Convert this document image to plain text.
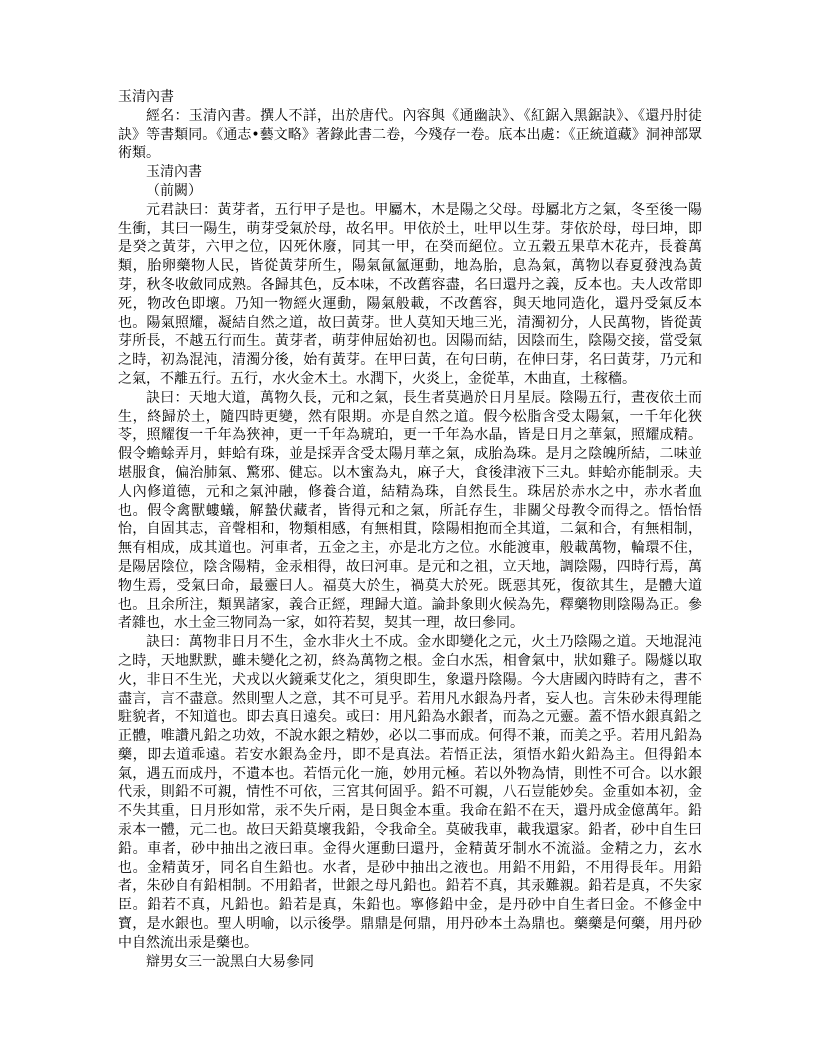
玉清內書

經名：玉清內書。撰人不詳，出於唐代。內容與《通幽訣》、《紅鋸入黑鋸訣》、《還丹肘徒訣》等書類同。《通志•藝文略》著錄此書二卷，今殘存一卷。底本出處：《正統道藏》洞神部眾術類。

玉清內書

（前闕）

元君訣曰：黃芽者，五行甲子是也。甲屬木，木是陽之父母。母屬北方之氣，冬至後一陽生衝，其曰一陽生，萌芽受氣於母，故名甲。甲依於土，吐甲以生芽。芽依於母，母曰坤，即是癸之黃芽，六甲之位，囚死休廢，同其一甲，在癸而絕位。立五穀五果草木花卉，長養萬類，胎卵藥物人民，皆從黃芽所生，陽氣氤氳運動，地為胎，息為氣，萬物以春夏發洩為黃芽，秋冬收斂同成熟。各歸其色，反本味，不改舊容盡，名曰還丹之義，反本也。夫人改常即死，物改色即壞。乃知一物經火運動，陽氣般載，不改舊容，與天地同造化，還丹受氣反本也。陽氣照耀，凝結自然之道，故曰黃芽。世人莫知天地三光，清濁初分，人民萬物，皆從黃芽所長，不越五行而生。黃芽者，萌芽伸屈始初也。因陽而結，因陰而生，陰陽交接，當受氣之時，初為混沌，清濁分後，始有黃芽。在甲曰黃，在句曰萌，在伸曰芽，名曰黃芽，乃元和之氣，不離五行。五行，水火金木土。水潤下，火炎上，金從革，木曲直，土稼穡。

訣曰：天地大道，萬物久長，元和之氣，長生者莫過於日月星辰。陰陽五行，晝夜依土而生，終歸於土，隨四時更變，然有限期。亦是自然之道。假今松脂含受太陽氣，一千年化狹苓，照耀復一千年為狹神，更一千年為琥珀，更一千年為水晶，皆是日月之華氣，照耀成精。假令蟾蜍弄月，蚌蛤有珠，並是採弄含受太陽月華之氣，成胎為珠。是月之陰魄所結，二味並堪服食，偏治肺氣、驚邪、健忘。以木蜜為丸，麻子大，食後津液下三丸。蚌蛤亦能制汞。夫人內修道德，元和之氣沖融，修養合道，結精為珠，自然長生。珠居於赤水之中，赤水者血也。假令禽獸螻蟻，解蟄伏藏者，皆得元和之氣，所託存生，非關父母教令而得之。悟怡悟怡，自固其志，音聲相和，物類相感，有無相貫，陰陽相抱而全其道，二氣和合，有無相制，無有相成，成其道也。河車者，五金之主，亦是北方之位。水能渡車，般載萬物，輪環不住，是陽居陰位，陰含陽精，金汞相得，故曰河車。是元和之祖，立天地，調陰陽，四時行焉，萬物生焉，受氣曰命，最靈曰人。福莫大於生，禍莫大於死。既惡其死，復欲其生，是體大道也。且余所注，類異諸家，義合正經，理歸大道。論卦象則火候為先，釋藥物則陰陽為正。參者雜也，水土金三物同為一家，如符若契，契其一理，故曰參同。

訣曰：萬物非日月不生，金水非火土不成。金水即變化之元，火土乃陰陽之道。天地混沌之時，天地默默，雖未變化之初，終為萬物之根。金白水炁，相會氣中，狀如雞子。陽燧以取火，非日不生光，犬戎以火鏡乘艾化之，須臾即生，象還丹陰陽。今大唐國內時時有之，書不盡言，言不盡意。然則聖人之意，其不可見乎。若用凡水銀為丹者，妄人也。言朱砂未得理能駐貌者，不知道也。即去真日遠矣。或曰：用凡鉛為水銀者，而為之元靈。蓋不悟水銀真鉛之正體，唯讚凡鉛之功效，不說水銀之精妙，必以二事而成。何得不兼，而美之乎。若用凡鉛為藥，即去道乖遠。若安水銀為金丹，即不是真法。若悟正法，須悟水鉛火鉛為主。但得鉛本氣，遇五而成丹，不遺本也。若悟元化一施，妙用元極。若以外物為情，則性不可合。以水銀代汞，則鉛不可親，情性不可依，三宮其何固乎。鉛不可親，八石豈能妙矣。金重如本初，金不失其重，日月形如常，汞不失斤兩，是日與金本重。我命在鉛不在天，還丹成金億萬年。鉛汞本一體，元二也。故曰天鉛莫壞我鉛，令我命全。莫破我車，載我還家。鉛者，砂中自生曰鉛。車者，砂中抽出之液曰車。金得火運動曰還丹，金精黃牙制水不流溢。金精之力，玄水也。金精黃牙，同名自生鉛也。水者，是砂中抽出之液也。用鉛不用鉛，不用得長年。用鉛者，朱砂自有鉛相制。不用鉛者，世銀之母凡鉛也。鉛若不真，其汞難親。鉛若是真，不失家臣。鉛若不真，凡鉛也。鉛若是真，朱鉛也。寧修鉛中金，是丹砂中自生者曰金。不修金中寶，是水銀也。聖人明喻，以示後學。鼎鼎是何鼎，用丹砂本土為鼎也。藥藥是何藥，用丹砂中自然流出汞是藥也。

辯男女三一說黑白大易參同
